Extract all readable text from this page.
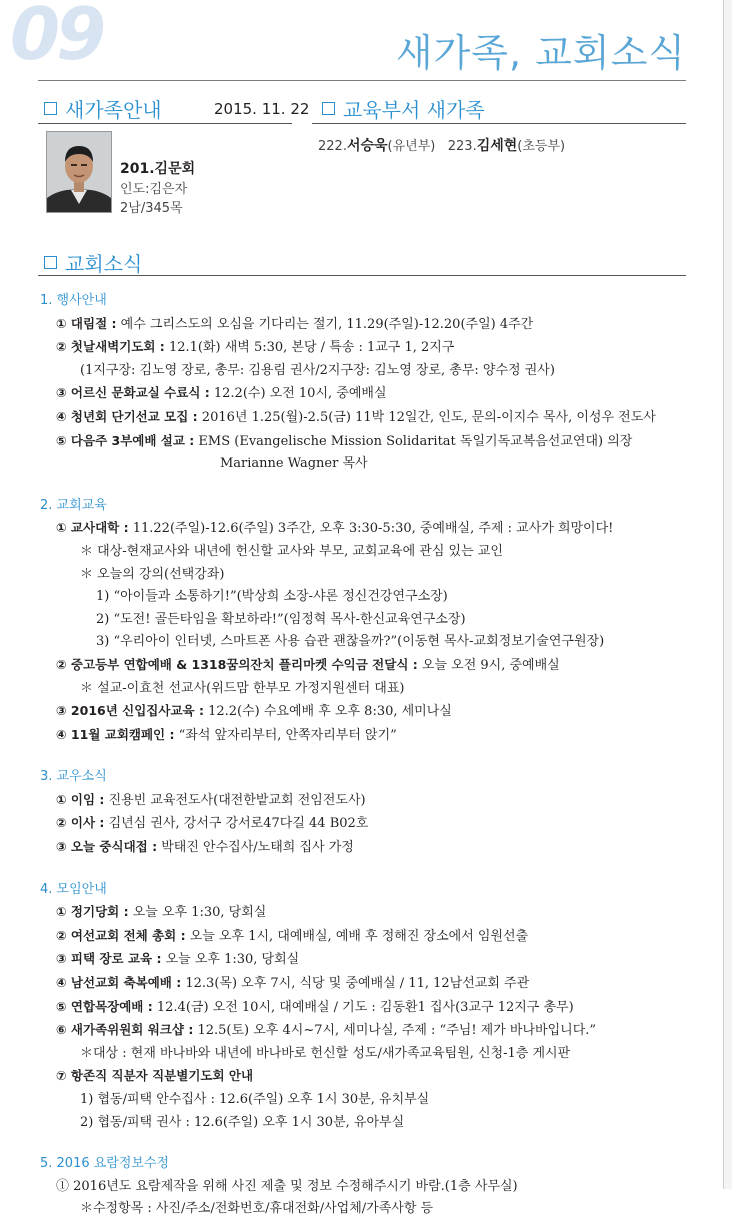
09	새가족, 교회소식
새가족안내	2015. 11. 22
201.김문회
인도:김은자
2남/345목
교육부서 새가족
222.서승욱(유년부) 223.김세현(초등부)
교회소식
1. 행사안내
① 대림절 : 예수 그리스도의 오심을 기다리는 절기, 11.29(주일)-12.20(주일) 4주간
② 첫날새벽기도회 : 12.1(화) 새벽 5:30, 본당 / 특송 : 1교구 1, 2지구
(1지구장: 김노영 장로, 총무: 김용림 권사/2지구장: 김노영 장로, 총무: 양수정 권사)
③ 어르신 문화교실 수료식 : 12.2(수) 오전 10시, 중예배실
④ 청년회 단기선교 모집 : 2016년 1.25(월)-2.5(금) 11박 12일간, 인도, 문의-이지수 목사, 이성우 전도사
⑤ 다음주 3부예배 설교 : EMS (Evangelische Mission Solidaritat 독일기독교복음선교연대) 의장
Marianne Wagner 목사
2. 교회교육
① 교사대학 : 11.22(주일)-12.6(주일) 3주간, 오후 3:30-5:30, 중예배실, 주제 : 교사가 희망이다!
＊ 대상-현재교사와 내년에 헌신할 교사와 부모, 교회교육에 관심 있는 교인
＊ 오늘의 강의(선택강좌)
1) “아이들과 소통하기!”(박상희 소장-샤론 정신건강연구소장)
2) “도전! 골든타임을 확보하라!”(임정혁 목사-한신교육연구소장)
3) “우리아이 인터넷, 스마트폰 사용 습관 괜찮을까?”(이동현 목사-교회정보기술연구원장)
② 중고등부 연합예배 & 1318꿈의잔치 플리마켓 수익금 전달식 : 오늘 오전 9시, 중예배실
＊ 설교-이효천 선교사(위드맘 한부모 가정지원센터 대표)
③ 2016년 신입집사교육 : 12.2(수) 수요예배 후 오후 8:30, 세미나실
④ 11월 교회캠페인 : “좌석 앞자리부터, 안쪽자리부터 앉기”
3. 교우소식
① 이임 : 진용빈 교육전도사(대전한밭교회 전임전도사)
② 이사 : 김년심 권사, 강서구 강서로47다길 44 B02호
③ 오늘 중식대접 : 박태진 안수집사/노태희 집사 가정
4. 모임안내
① 정기당회 : 오늘 오후 1:30, 당회실
② 여선교회 전체 총회 : 오늘 오후 1시, 대예배실, 예배 후 정해진 장소에서 임원선출
③ 피택 장로 교육 : 오늘 오후 1:30, 당회실
④ 남선교회 축복예배 : 12.3(목) 오후 7시, 식당 및 중예배실 / 11, 12남선교회 주관
⑤ 연합목장예배 : 12.4(금) 오전 10시, 대예배실 / 기도 : 김동환1 집사(3교구 12지구 총무)
⑥ 새가족위원회 워크샵 : 12.5(토) 오후 4시~7시, 세미나실, 주제 : “주님! 제가 바나바입니다.”
＊대상 : 현재 바나바와 내년에 바나바로 헌신할 성도/새가족교육팀원, 신청-1층 게시판
⑦ 항존직 직분자 직분별기도회 안내
1) 협동/피택 안수집사 : 12.6(주일) 오후 1시 30분, 유치부실
2) 협동/피택 권사 : 12.6(주일) 오후 1시 30분, 유아부실
5. 2016 요람정보수정
① 2016년도 요람제작을 위해 사진 제출 및 정보 수정해주시기 바람.(1층 사무실)
＊수정항목 : 사진/주소/전화번호/휴대전화/사업체/가족사항 등
